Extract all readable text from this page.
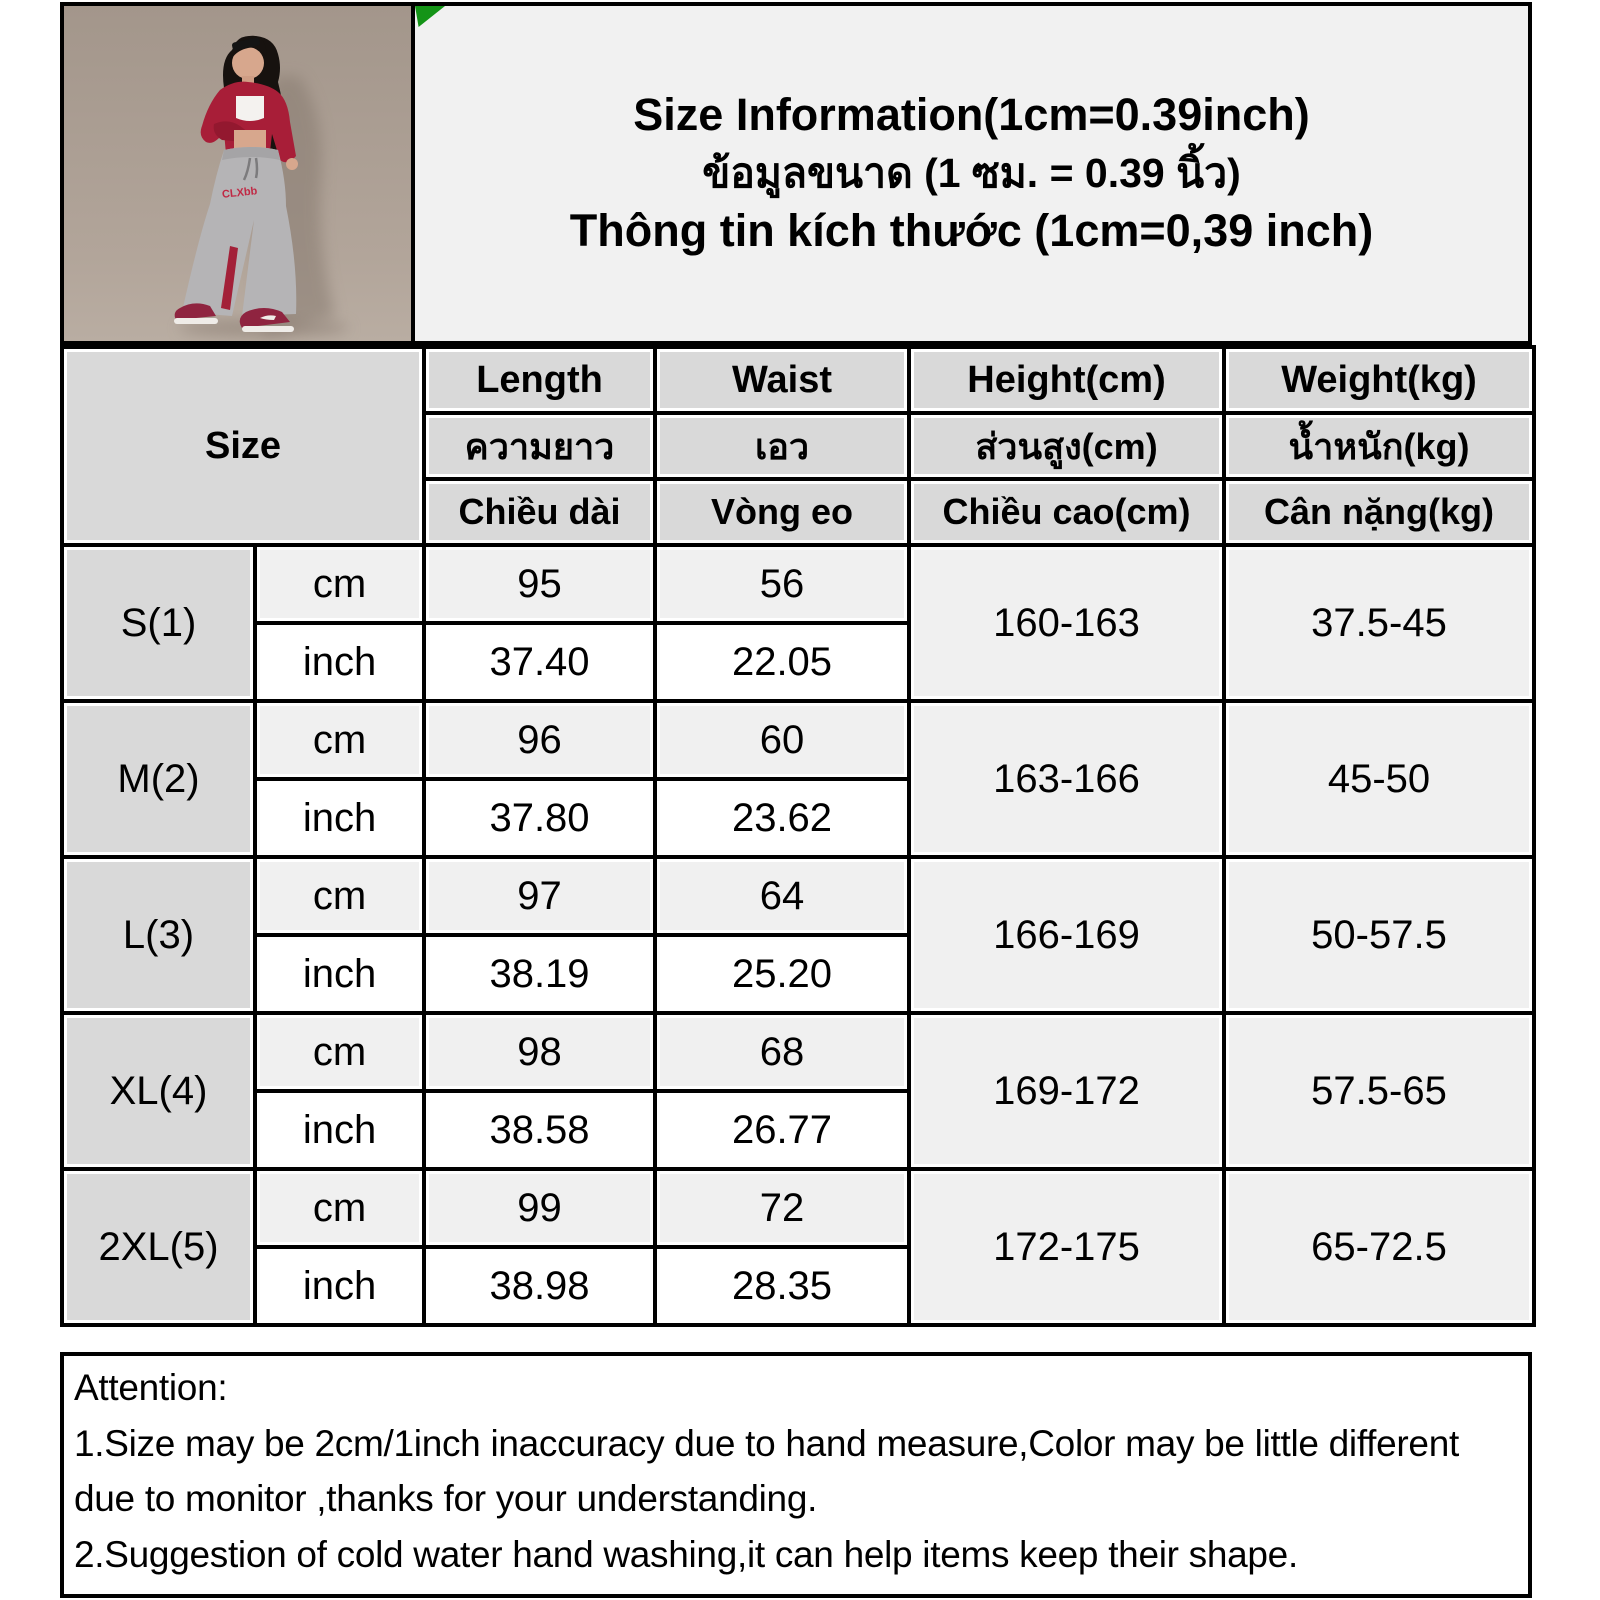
CLXbb
Size Information(1cm=0.39inch)
ข้อมูลขนาด (1 ซม. = 0.39 นิ้ว)
Thông tin kích thước (1cm=0,39 inch)
Size		Length	Waist	Height(cm)	Weight(kg)
		ความยาว	เอว	ส่วนสูง(cm)	น้ำหนัก(kg)
		Chiều dài	Vòng eo	Chiều cao(cm)	Cân nặng(kg)
S(1)	cm	95	56	160-163	37.5-45
	inch	37.40	22.05		
M(2)	cm	96	60	163-166	45-50
	inch	37.80	23.62		
L(3)	cm	97	64	166-169	50-57.5
	inch	38.19	25.20		
XL(4)	cm	98	68	169-172	57.5-65
	inch	38.58	26.77		
2XL(5)	cm	99	72	172-175	65-72.5
	inch	38.98	28.35		

Attention:

1.Size may be 2cm/1inch inaccuracy due to hand measure,Color may be little different due to monitor ,thanks for your understanding.

2.Suggestion of cold water hand washing,it can help items keep their shape.
